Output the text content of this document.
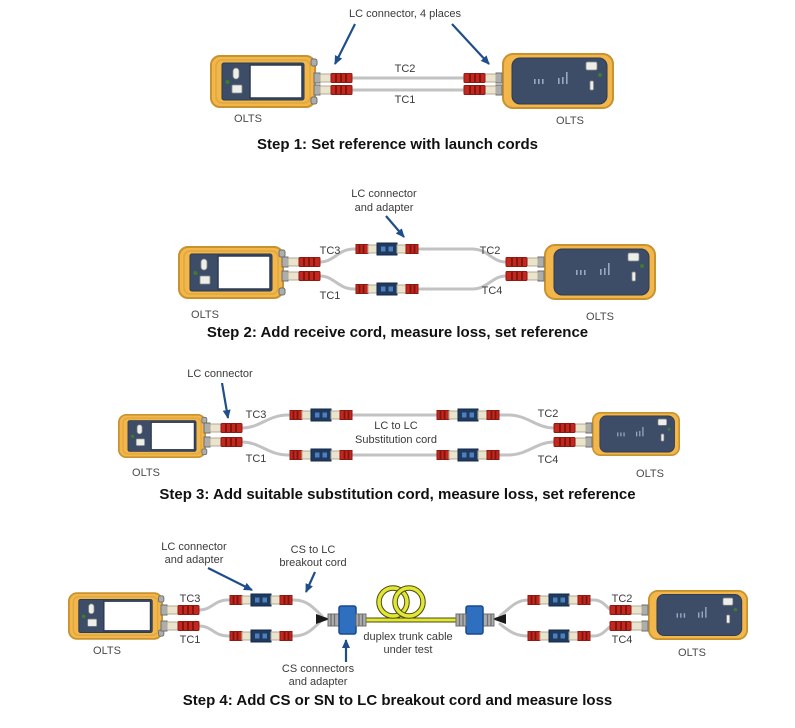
LC connector, 4 places
TC2
TC1
OLTS	OLTS
Step 1: Set reference with launch cords
LC connector
and adapter
TC3	TC2
TC1	TC4
OLTS	OLTS
Step 2: Add receive cord, measure loss, set reference
LC connector
LC to LC
Substitution cord
TC3	TC2
TC1	TC4
OLTS	OLTS
Step 3: Add suitable substitution cord, measure loss, set reference
LC connector
and adapter
CS to LC
breakout cord
duplex trunk cable
under test
CS connectors
and adapter
TC3	TC2
TC1	TC4
OLTS	OLTS
Step 4: Add CS or SN to LC breakout cord and measure loss
